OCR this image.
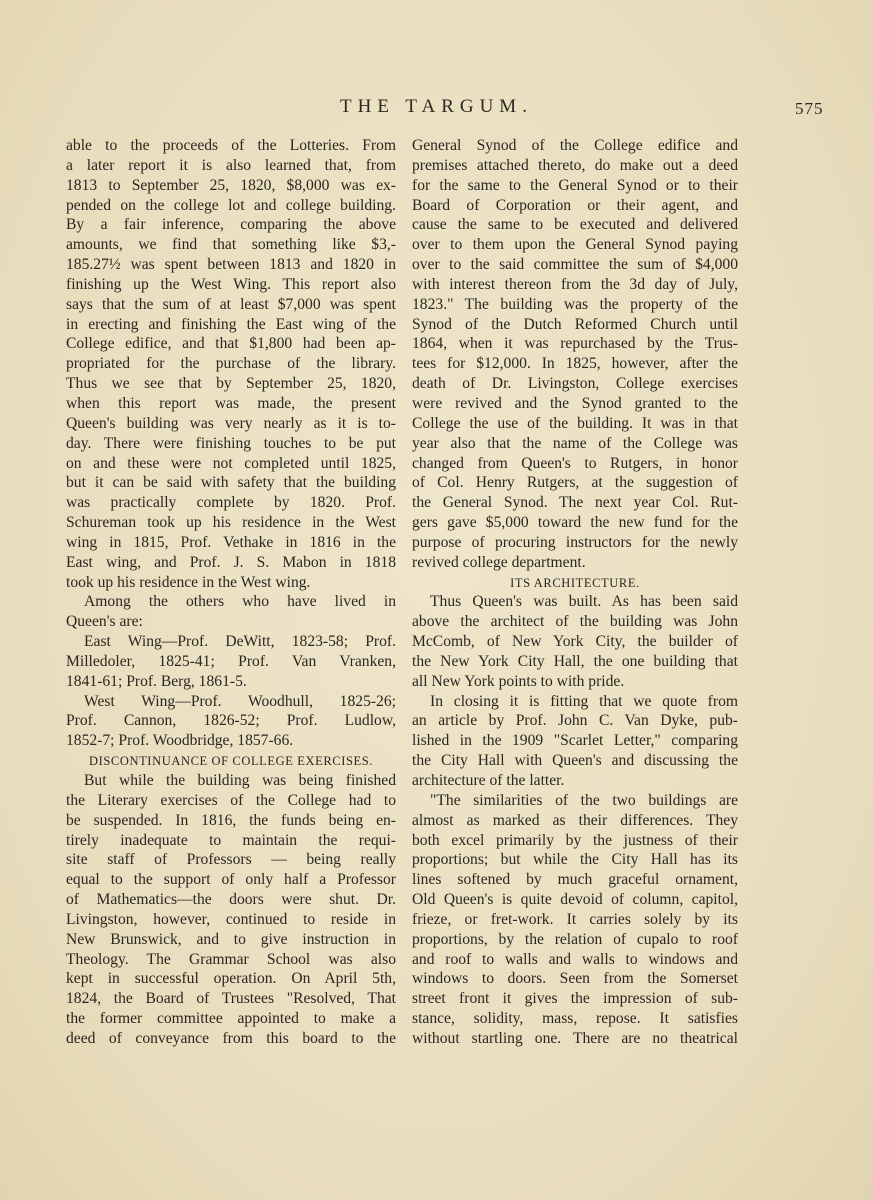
THE TARGUM.	575
able to the proceeds of the Lotteries. From
a later report it is also learned that, from
1813 to September 25, 1820, $8,000 was ex-
pended on the college lot and college building.
By a fair inference, comparing the above
amounts, we find that something like $3,-
185.27½ was spent between 1813 and 1820 in
finishing up the West Wing. This report also
says that the sum of at least $7,000 was spent
in erecting and finishing the East wing of the
College edifice, and that $1,800 had been ap-
propriated for the purchase of the library.
Thus we see that by September 25, 1820,
when this report was made, the present
Queen's building was very nearly as it is to-
day. There were finishing touches to be put
on and these were not completed until 1825,
but it can be said with safety that the building
was practically complete by 1820. Prof.
Schureman took up his residence in the West
wing in 1815, Prof. Vethake in 1816 in the
East wing, and Prof. J. S. Mabon in 1818
took up his residence in the West wing.
Among the others who have lived in
Queen's are:
East Wing—Prof. DeWitt, 1823-58; Prof.
Milledoler, 1825-41; Prof. Van Vranken,
1841-61; Prof. Berg, 1861-5.
West Wing—Prof. Woodhull, 1825-26;
Prof. Cannon, 1826-52; Prof. Ludlow,
1852-7; Prof. Woodbridge, 1857-66.
DISCONTINUANCE OF COLLEGE EXERCISES.
But while the building was being finished
the Literary exercises of the College had to
be suspended. In 1816, the funds being en-
tirely inadequate to maintain the requi-
site staff of Professors — being really
equal to the support of only half a Professor
of Mathematics—the doors were shut. Dr.
Livingston, however, continued to reside in
New Brunswick, and to give instruction in
Theology. The Grammar School was also
kept in successful operation. On April 5th,
1824, the Board of Trustees "Resolved, That
the former committee appointed to make a
deed of conveyance from this board to the
General Synod of the College edifice and
premises attached thereto, do make out a deed
for the same to the General Synod or to their
Board of Corporation or their agent, and
cause the same to be executed and delivered
over to them upon the General Synod paying
over to the said committee the sum of $4,000
with interest thereon from the 3d day of July,
1823." The building was the property of the
Synod of the Dutch Reformed Church until
1864, when it was repurchased by the Trus-
tees for $12,000. In 1825, however, after the
death of Dr. Livingston, College exercises
were revived and the Synod granted to the
College the use of the building. It was in that
year also that the name of the College was
changed from Queen's to Rutgers, in honor
of Col. Henry Rutgers, at the suggestion of
the General Synod. The next year Col. Rut-
gers gave $5,000 toward the new fund for the
purpose of procuring instructors for the newly
revived college department.
ITS ARCHITECTURE.
Thus Queen's was built. As has been said
above the architect of the building was John
McComb, of New York City, the builder of
the New York City Hall, the one building that
all New York points to with pride.
In closing it is fitting that we quote from
an article by Prof. John C. Van Dyke, pub-
lished in the 1909 "Scarlet Letter," comparing
the City Hall with Queen's and discussing the
architecture of the latter.
"The similarities of the two buildings are
almost as marked as their differences. They
both excel primarily by the justness of their
proportions; but while the City Hall has its
lines softened by much graceful ornament,
Old Queen's is quite devoid of column, capitol,
frieze, or fret-work. It carries solely by its
proportions, by the relation of cupalo to roof
and roof to walls and walls to windows and
windows to doors. Seen from the Somerset
street front it gives the impression of sub-
stance, solidity, mass, repose. It satisfies
without startling one. There are no theatrical
